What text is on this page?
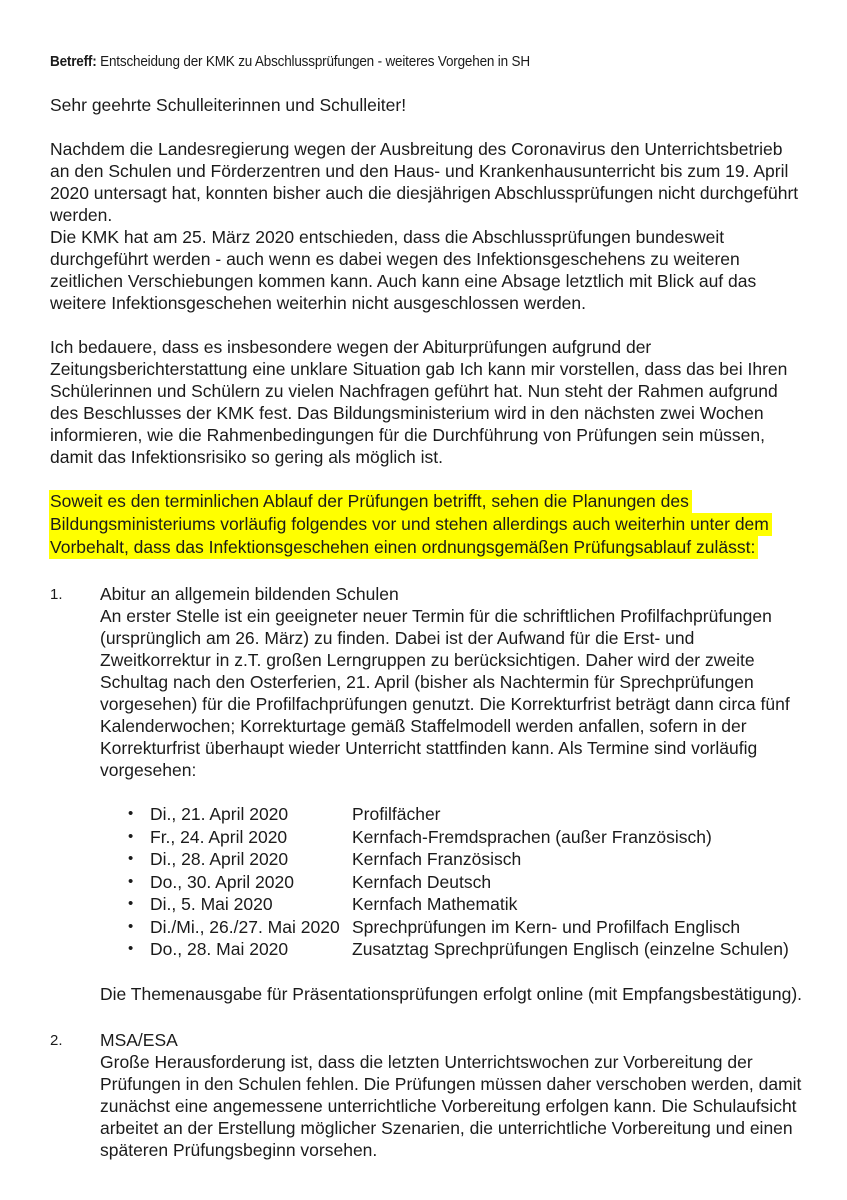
Betreff: Entscheidung der KMK zu Abschlussprüfungen - weiteres Vorgehen in SH

Sehr geehrte Schulleiterinnen und Schulleiter!

Nachdem die Landesregierung wegen der Ausbreitung des Coronavirus den Unterrichtsbetrieb
an den Schulen und Förderzentren und den Haus- und Krankenhausunterricht bis zum 19. April
2020 untersagt hat, konnten bisher auch die diesjährigen Abschlussprüfungen nicht durchgeführt
werden.
Die KMK hat am 25. März 2020 entschieden, dass die Abschlussprüfungen bundesweit
durchgeführt werden - auch wenn es dabei wegen des Infektionsgeschehens zu weiteren
zeitlichen Verschiebungen kommen kann. Auch kann eine Absage letztlich mit Blick auf das
weitere Infektionsgeschehen weiterhin nicht ausgeschlossen werden.
Ich bedauere, dass es insbesondere wegen der Abiturprüfungen aufgrund der
Zeitungsberichterstattung eine unklare Situation gab Ich kann mir vorstellen, dass das bei Ihren
Schülerinnen und Schülern zu vielen Nachfragen geführt hat. Nun steht der Rahmen aufgrund
des Beschlusses der KMK fest. Das Bildungsministerium wird in den nächsten zwei Wochen
informieren, wie die Rahmenbedingungen für die Durchführung von Prüfungen sein müssen,
damit das Infektionsrisiko so gering als möglich ist.
Soweit es den terminlichen Ablauf der Prüfungen betrifft, sehen die Planungen des
Bildungsministeriums vorläufig folgendes vor und stehen allerdings auch weiterhin unter dem
Vorbehalt, dass das Infektionsgeschehen einen ordnungsgemäßen Prüfungsablauf zulässt:
1.	Abitur an allgemein bildenden Schulen
An erster Stelle ist ein geeigneter neuer Termin für die schriftlichen Profilfachprüfungen
(ursprünglich am 26. März) zu finden. Dabei ist der Aufwand für die Erst- und
Zweitkorrektur in z.T. großen Lerngruppen zu berücksichtigen. Daher wird der zweite
Schultag nach den Osterferien, 21. April (bisher als Nachtermin für Sprechprüfungen
vorgesehen) für die Profilfachprüfungen genutzt. Die Korrekturfrist beträgt dann circa fünf
Kalenderwochen; Korrekturtage gemäß Staffelmodell werden anfallen, sofern in der
Korrekturfrist überhaupt wieder Unterricht stattfinden kann. Als Termine sind vorläufig
vorgesehen:
• Di., 21. April 2020	Profilfächer
• Fr., 24. April 2020	Kernfach-Fremdsprachen (außer Französisch)
• Di., 28. April 2020	Kernfach Französisch
• Do., 30. April 2020	Kernfach Deutsch
• Di., 5. Mai 2020	Kernfach Mathematik
• Di./Mi., 26./27. Mai 2020 Sprechprüfungen im Kern- und Profilfach Englisch
• Do., 28. Mai 2020	Zusatztag Sprechprüfungen Englisch (einzelne Schulen)
Die Themenausgabe für Präsentationsprüfungen erfolgt online (mit Empfangsbestätigung).
2.	MSA/ESA
Große Herausforderung ist, dass die letzten Unterrichtswochen zur Vorbereitung der
Prüfungen in den Schulen fehlen. Die Prüfungen müssen daher verschoben werden, damit
zunächst eine angemessene unterrichtliche Vorbereitung erfolgen kann. Die Schulaufsicht
arbeitet an der Erstellung möglicher Szenarien, die unterrichtliche Vorbereitung und einen
späteren Prüfungsbeginn vorsehen.
